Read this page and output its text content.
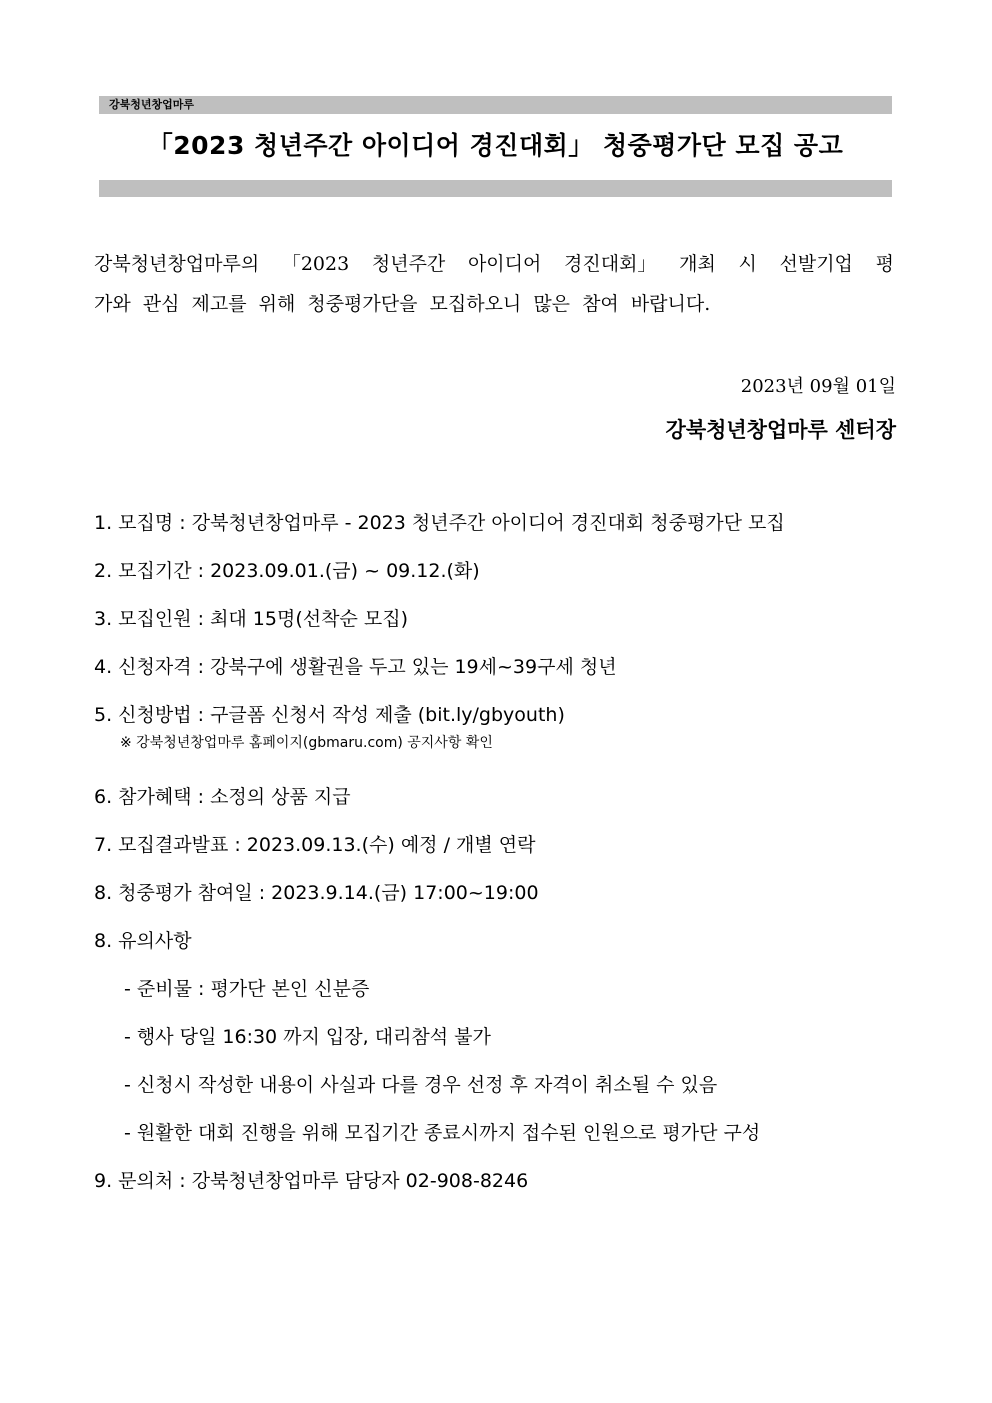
강북청년창업마루
「2023 청년주간 아이디어 경진대회」 청중평가단 모집 공고
강북청년창업마루의 「2023 청년주간 아이디어 경진대회」 개최 시 선발기업 평
가와 관심 제고를 위해 청중평가단을 모집하오니 많은 참여 바랍니다.
2023년 09월 01일
강북청년창업마루 센터장
1. 모집명 : 강북청년창업마루 - 2023 청년주간 아이디어 경진대회 청중평가단 모집
2. 모집기간 : 2023.09.01.(금) ~ 09.12.(화)
3. 모집인원 : 최대 15명(선착순 모집)
4. 신청자격 : 강북구에 생활권을 두고 있는 19세~39구세 청년
5. 신청방법 : 구글폼 신청서 작성 제출 (bit.ly/gbyouth)
※ 강북청년창업마루 홈페이지(gbmaru.com) 공지사항 확인
6. 참가혜택 : 소정의 상품 지급
7. 모집결과발표 : 2023.09.13.(수) 예정 / 개별 연락
8. 청중평가 참여일 : 2023.9.14.(금) 17:00~19:00
8. 유의사항
- 준비물 : 평가단 본인 신분증
- 행사 당일 16:30 까지 입장, 대리참석 불가
- 신청시 작성한 내용이 사실과 다를 경우 선정 후 자격이 취소될 수 있음
- 원활한 대회 진행을 위해 모집기간 종료시까지 접수된 인원으로 평가단 구성
9. 문의처 : 강북청년창업마루 담당자 02-908-8246
